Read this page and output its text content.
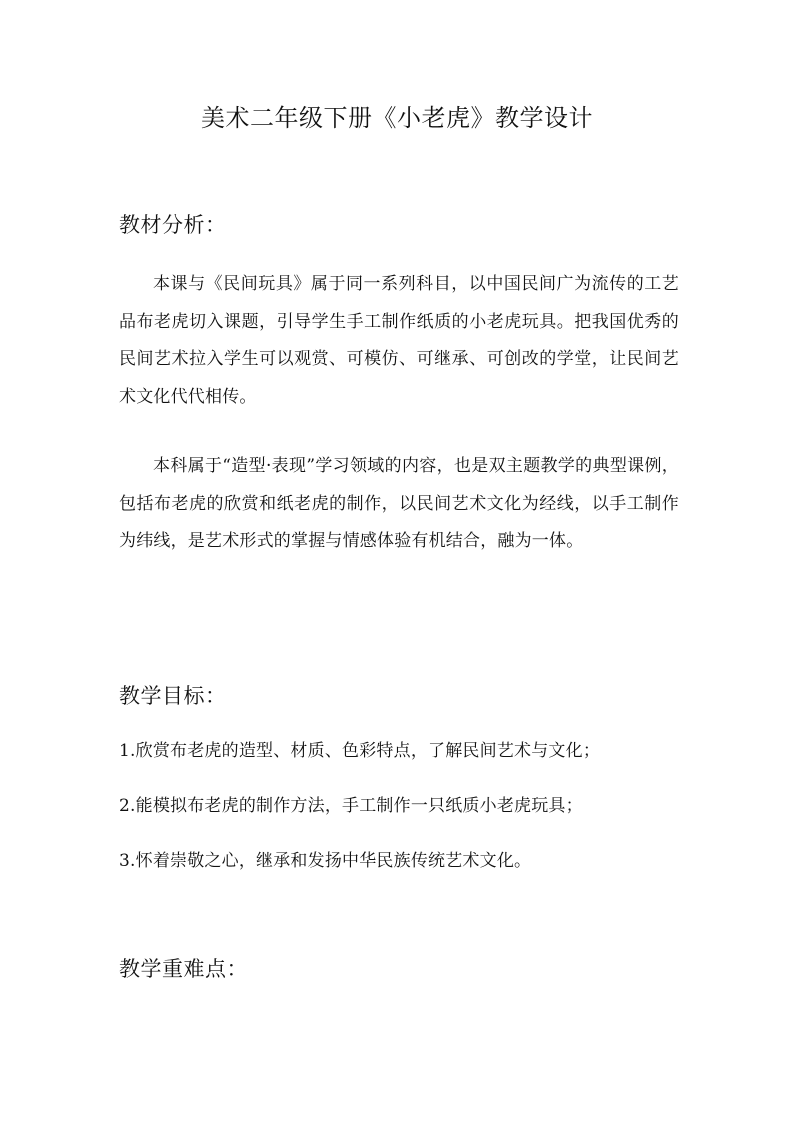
美术二年级下册《小老虎》教学设计
教材分析：
本课与《民间玩具》属于同一系列科目，以中国民间广为流传的工艺品布老虎切入课题，引导学生手工制作纸质的小老虎玩具。把我国优秀的民间艺术拉入学生可以观赏、可模仿、可继承、可创改的学堂，让民间艺术文化代代相传。
本科属于“造型·表现”学习领域的内容，也是双主题教学的典型课例，包括布老虎的欣赏和纸老虎的制作，以民间艺术文化为经线，以手工制作为纬线，是艺术形式的掌握与情感体验有机结合，融为一体。
教学目标：
1.欣赏布老虎的造型、材质、色彩特点，了解民间艺术与文化；
2.能模拟布老虎的制作方法，手工制作一只纸质小老虎玩具；
3.怀着崇敬之心，继承和发扬中华民族传统艺术文化。
教学重难点：
